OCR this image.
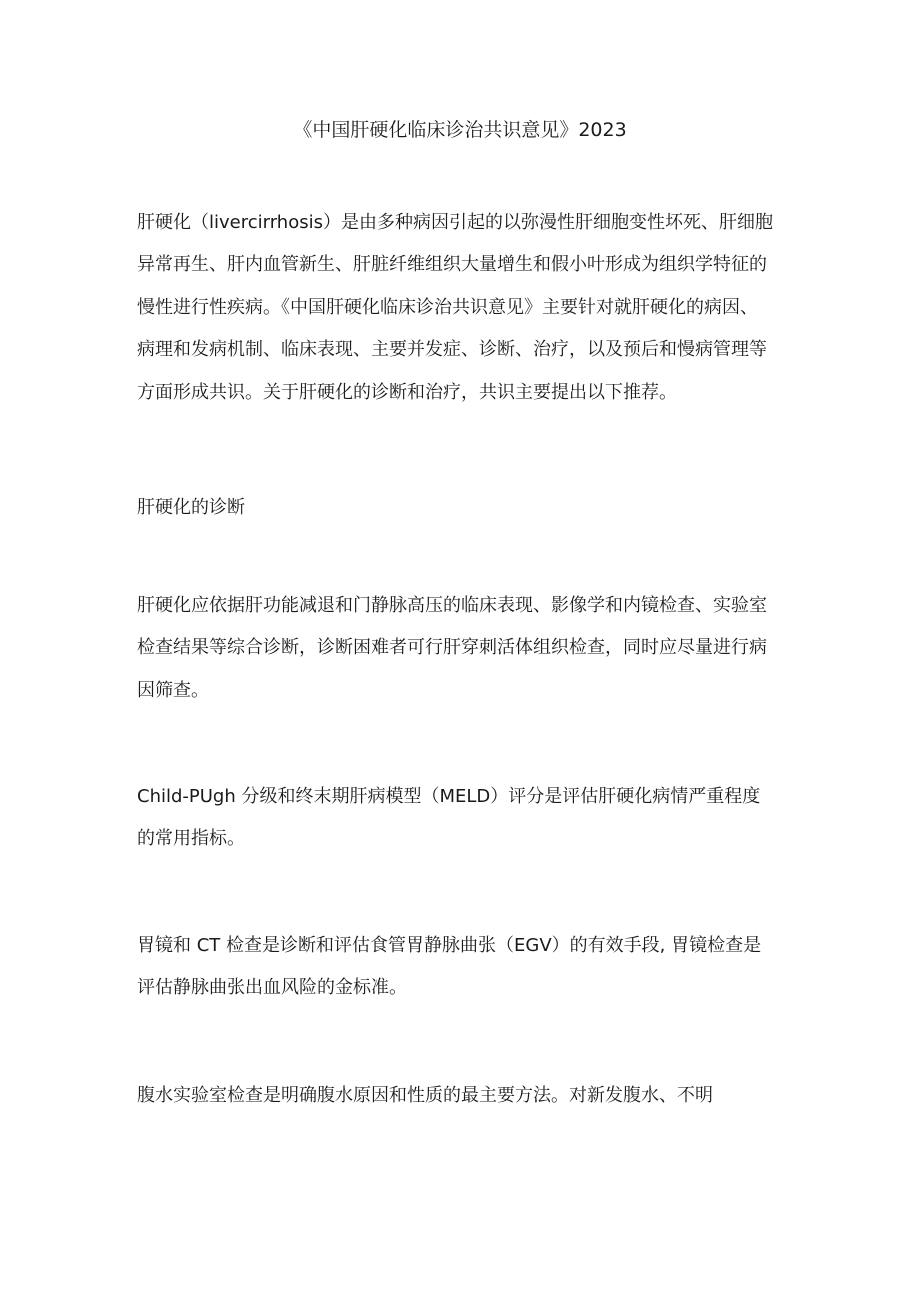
《中国肝硬化临床诊治共识意见》2023

肝硬化（livercirrhosis）是由多种病因引起的以弥漫性肝细胞变性坏死、肝细胞
异常再生、肝内血管新生、肝脏纤维组织大量增生和假小叶形成为组织学特征的
慢性进行性疾病。《中国肝硬化临床诊治共识意见》主要针对就肝硬化的病因、
病理和发病机制、临床表现、主要并发症、诊断、治疗，以及预后和慢病管理等
方面形成共识。关于肝硬化的诊断和治疗，共识主要提出以下推荐。

肝硬化的诊断

肝硬化应依据肝功能减退和门静脉高压的临床表现、影像学和内镜检查、实验室
检查结果等综合诊断，诊断困难者可行肝穿刺活体组织检查，同时应尽量进行病
因筛查。

Child-PUgh 分级和终末期肝病模型（MELD）评分是评估肝硬化病情严重程度
的常用指标。

胃镜和 CT 检查是诊断和评估食管胃静脉曲张（EGV）的有效手段, 胃镜检查是
评估静脉曲张出血风险的金标准。

腹水实验室检查是明确腹水原因和性质的最主要方法。对新发腹水、不明
